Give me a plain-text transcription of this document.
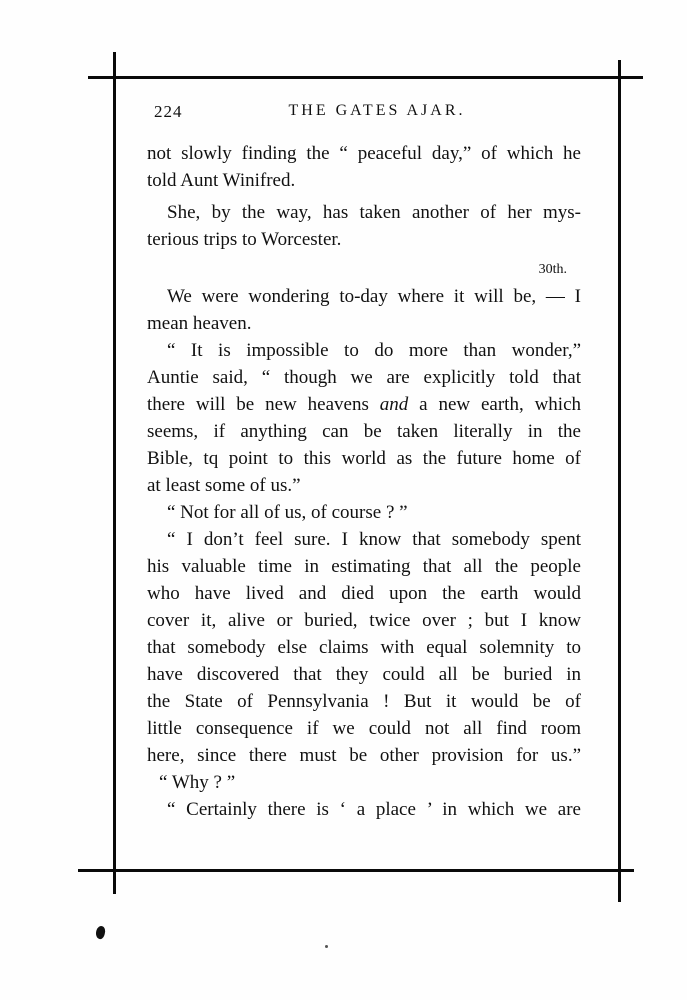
224	THE GATES AJAR.
not slowly finding the “ peaceful day,” of which he
told Aunt Winifred.
She, by the way, has taken another of her mys-
terious trips to Worcester.
30th.
We were wondering to-day where it will be, — I
mean heaven.
“ It is impossible to do more than wonder,”
Auntie said, “ though we are explicitly told that
there will be new heavens and a new earth, which
seems, if anything can be taken literally in the
Bible, tq point to this world as the future home of
at least some of us.”
“ Not for all of us, of course ? ”
“ I don’t feel sure. I know that somebody spent
his valuable time in estimating that all the people
who have liᴠed and died upon the earth would
cover it, alive or buried, twice over ; but I know
that somebody else claims with equal solemnity to
have discovered that they could all be buried in
the State of Pennsylvania ! But it would be of
little consequence if we could not all find room
here, since there must be other provision for us.”
“ Why ? ”
“ Certainly there is ‘ a place ’ in which we are
